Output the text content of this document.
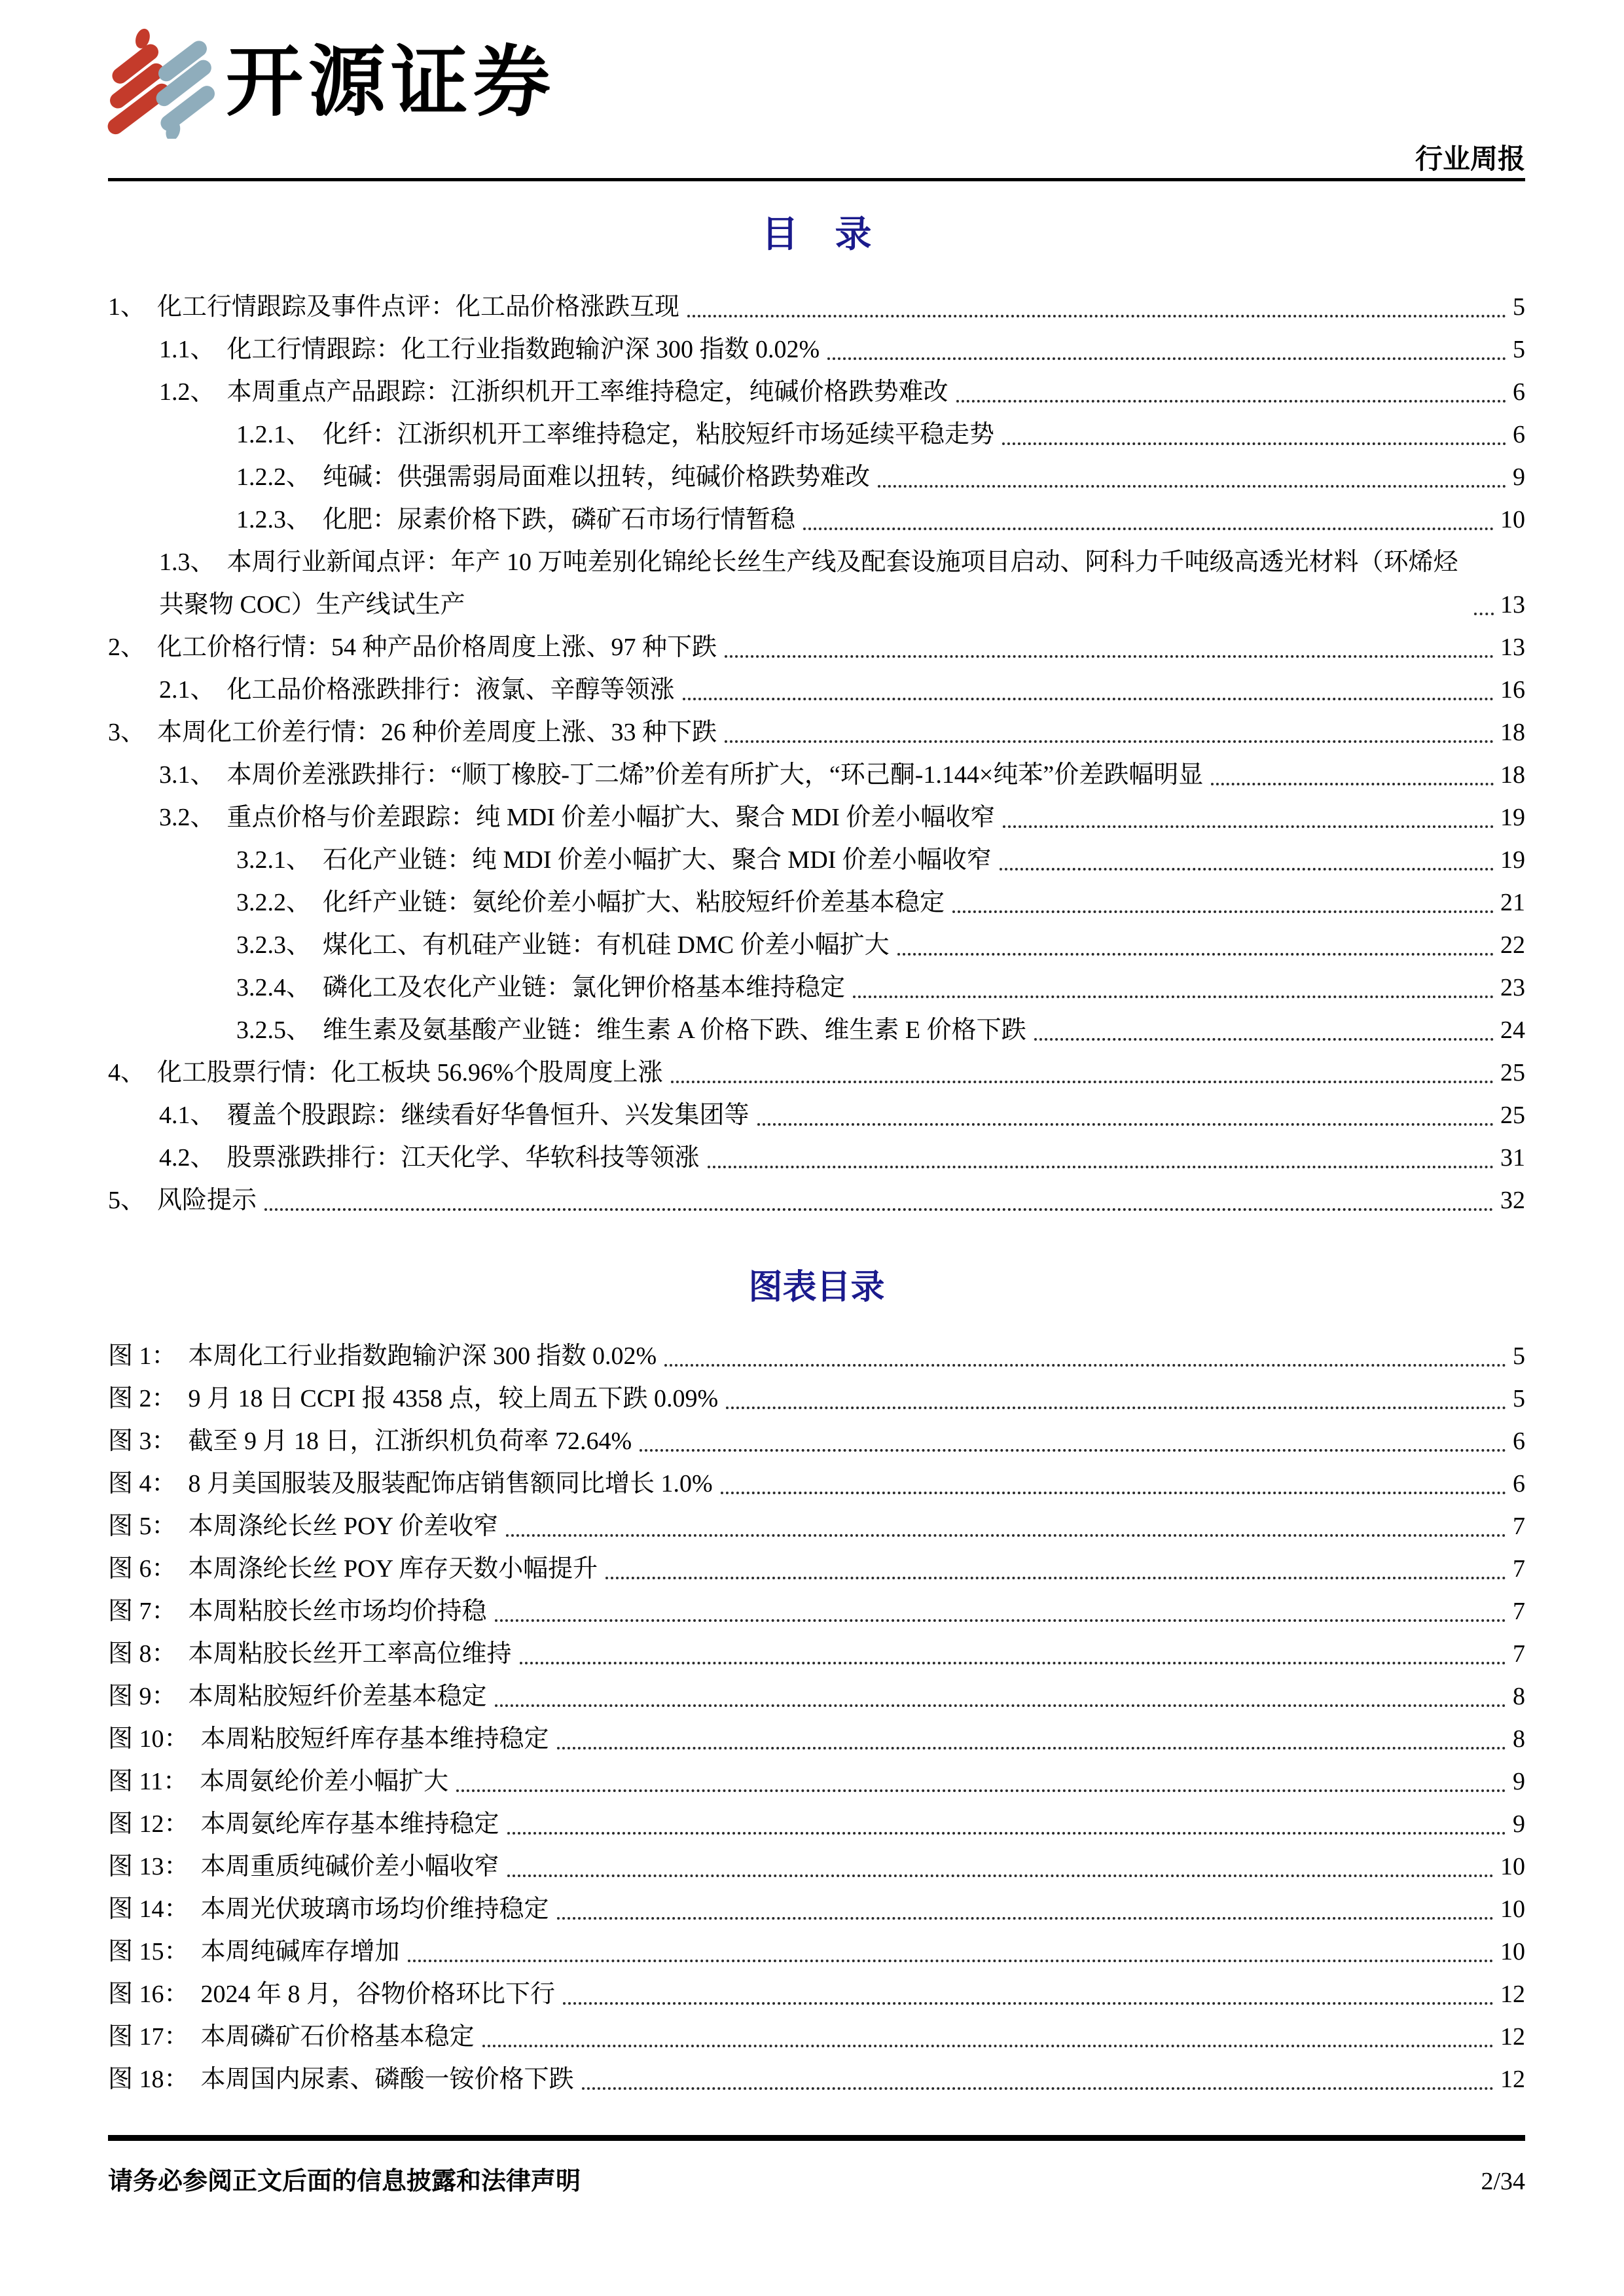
开源证券
行业周报
目　录
1、 化工行情跟踪及事件点评：化工品价格涨跌互现	5
1.1、 化工行情跟踪：化工行业指数跑输沪深 300 指数 0.02%	5
1.2、 本周重点产品跟踪：江浙织机开工率维持稳定，纯碱价格跌势难改	6
1.2.1、 化纤：江浙织机开工率维持稳定，粘胶短纤市场延续平稳走势	6
1.2.2、 纯碱：供强需弱局面难以扭转，纯碱价格跌势难改	9
1.2.3、 化肥：尿素价格下跌，磷矿石市场行情暂稳	10
1.3、 本周行业新闻点评：年产 10 万吨差别化锦纶长丝生产线及配套设施项目启动、阿科力千吨级高透光材料（环烯烃共聚物 COC）生产线试生产	13
2、 化工价格行情：54 种产品价格周度上涨、97 种下跌	13
2.1、 化工品价格涨跌排行：液氯、辛醇等领涨	16
3、 本周化工价差行情：26 种价差周度上涨、33 种下跌	18
3.1、 本周价差涨跌排行：“顺丁橡胶-丁二烯”价差有所扩大，“环己酮-1.144×纯苯”价差跌幅明显	18
3.2、 重点价格与价差跟踪：纯 MDI 价差小幅扩大、聚合 MDI 价差小幅收窄	19
3.2.1、 石化产业链：纯 MDI 价差小幅扩大、聚合 MDI 价差小幅收窄	19
3.2.2、 化纤产业链：氨纶价差小幅扩大、粘胶短纤价差基本稳定	21
3.2.3、 煤化工、有机硅产业链：有机硅 DMC 价差小幅扩大	22
3.2.4、 磷化工及农化产业链：氯化钾价格基本维持稳定	23
3.2.5、 维生素及氨基酸产业链：维生素 A 价格下跌、维生素 E 价格下跌	24
4、 化工股票行情：化工板块 56.96%个股周度上涨	25
4.1、 覆盖个股跟踪：继续看好华鲁恒升、兴发集团等	25
4.2、 股票涨跌排行：江天化学、华软科技等领涨	31
5、 风险提示	32
图表目录
图 1： 本周化工行业指数跑输沪深 300 指数 0.02%	5
图 2： 9 月 18 日 CCPI 报 4358 点，较上周五下跌 0.09%	5
图 3： 截至 9 月 18 日，江浙织机负荷率 72.64%	6
图 4： 8 月美国服装及服装配饰店销售额同比增长 1.0%	6
图 5： 本周涤纶长丝 POY 价差收窄	7
图 6： 本周涤纶长丝 POY 库存天数小幅提升	7
图 7： 本周粘胶长丝市场均价持稳	7
图 8： 本周粘胶长丝开工率高位维持	7
图 9： 本周粘胶短纤价差基本稳定	8
图 10： 本周粘胶短纤库存基本维持稳定	8
图 11： 本周氨纶价差小幅扩大	9
图 12： 本周氨纶库存基本维持稳定	9
图 13： 本周重质纯碱价差小幅收窄	10
图 14： 本周光伏玻璃市场均价维持稳定	10
图 15： 本周纯碱库存增加	10
图 16： 2024 年 8 月，谷物价格环比下行	12
图 17： 本周磷矿石价格基本稳定	12
图 18： 本周国内尿素、磷酸一铵价格下跌	12
请务必参阅正文后面的信息披露和法律声明	2/34
